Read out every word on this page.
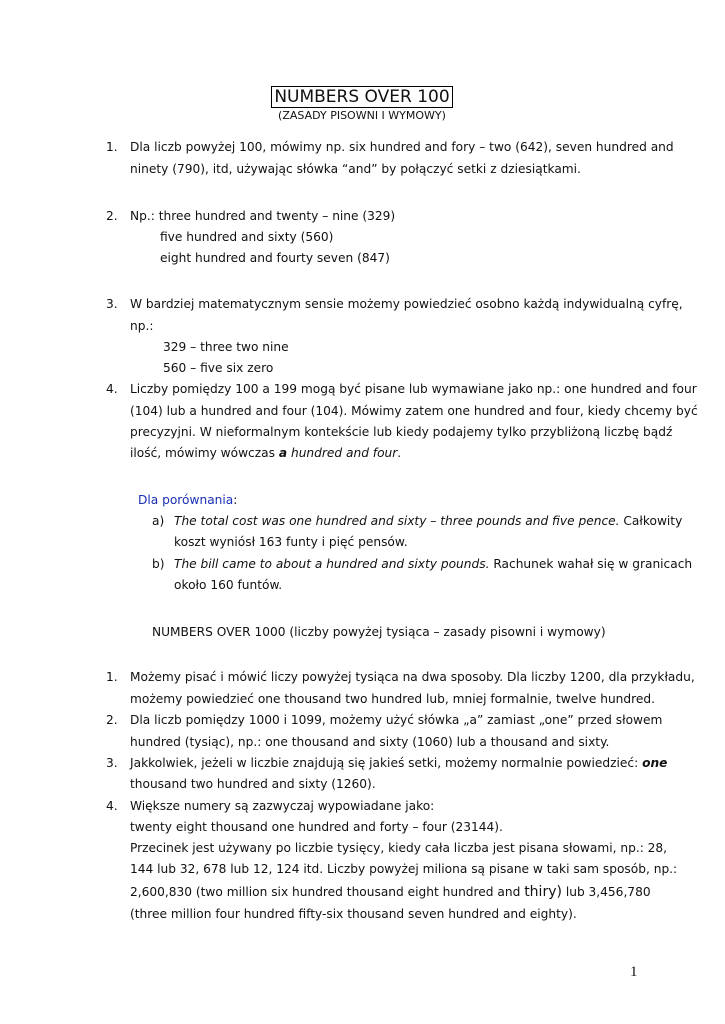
NUMBERS OVER 100
(ZASADY PISOWNI I WYMOWY)
1.	Dla liczb powyżej 100, mówimy np. six hundred and fory – two (642), seven hundred and
ninety (790), itd, używając słówka “and” by połączyć setki z dziesiątkami.
2.	Np.: three hundred and twenty – nine (329)
five hundred and sixty (560)
eight hundred and fourty seven (847)
3.	W bardziej matematycznym sensie możemy powiedzieć osobno każdą indywidualną cyfrę,
np.:
329 – three two nine
560 – five six zero
4.	Liczby pomiędzy 100 a 199 mogą być pisane lub wymawiane jako np.: one hundred and four
(104) lub a hundred and four (104). Mówimy zatem one hundred and four, kiedy chcemy być
precyzyjni. W nieformalnym kontekście lub kiedy podajemy tylko przybliżoną liczbę bądź
ilość, mówimy wówczas a hundred and four.
Dla porównania:
a) The total cost was one hundred and sixty – three pounds and five pence. Całkowity
koszt wyniósł 163 funty i pięć pensów.
b) The bill came to about a hundred and sixty pounds. Rachunek wahał się w granicach
około 160 funtów.
NUMBERS OVER 1000 (liczby powyżej tysiąca – zasady pisowni i wymowy)
1.	Możemy pisać i mówić liczy powyżej tysiąca na dwa sposoby. Dla liczby 1200, dla przykładu,
możemy powiedzieć one thousand two hundred lub, mniej formalnie, twelve hundred.
2.	Dla liczb pomiędzy 1000 i 1099, możemy użyć słówka „a” zamiast „one” przed słowem
hundred (tysiąc), np.: one thousand and sixty (1060) lub a thousand and sixty.
3.	Jakkolwiek, jeżeli w liczbie znajdują się jakieś setki, możemy normalnie powiedzieć: one
thousand two hundred and sixty (1260).
4.	Większe numery są zazwyczaj wypowiadane jako:
twenty eight thousand one hundred and forty – four (23144).
Przecinek jest używany po liczbie tysięcy, kiedy cała liczba jest pisana słowami, np.: 28,
144 lub 32, 678 lub 12, 124 itd. Liczby powyżej miliona są pisane w taki sam sposób, np.:
2,600,830 (two million six hundred thousand eight hundred and thiry) lub 3,456,780
(three million four hundred fifty-six thousand seven hundred and eighty).
1
